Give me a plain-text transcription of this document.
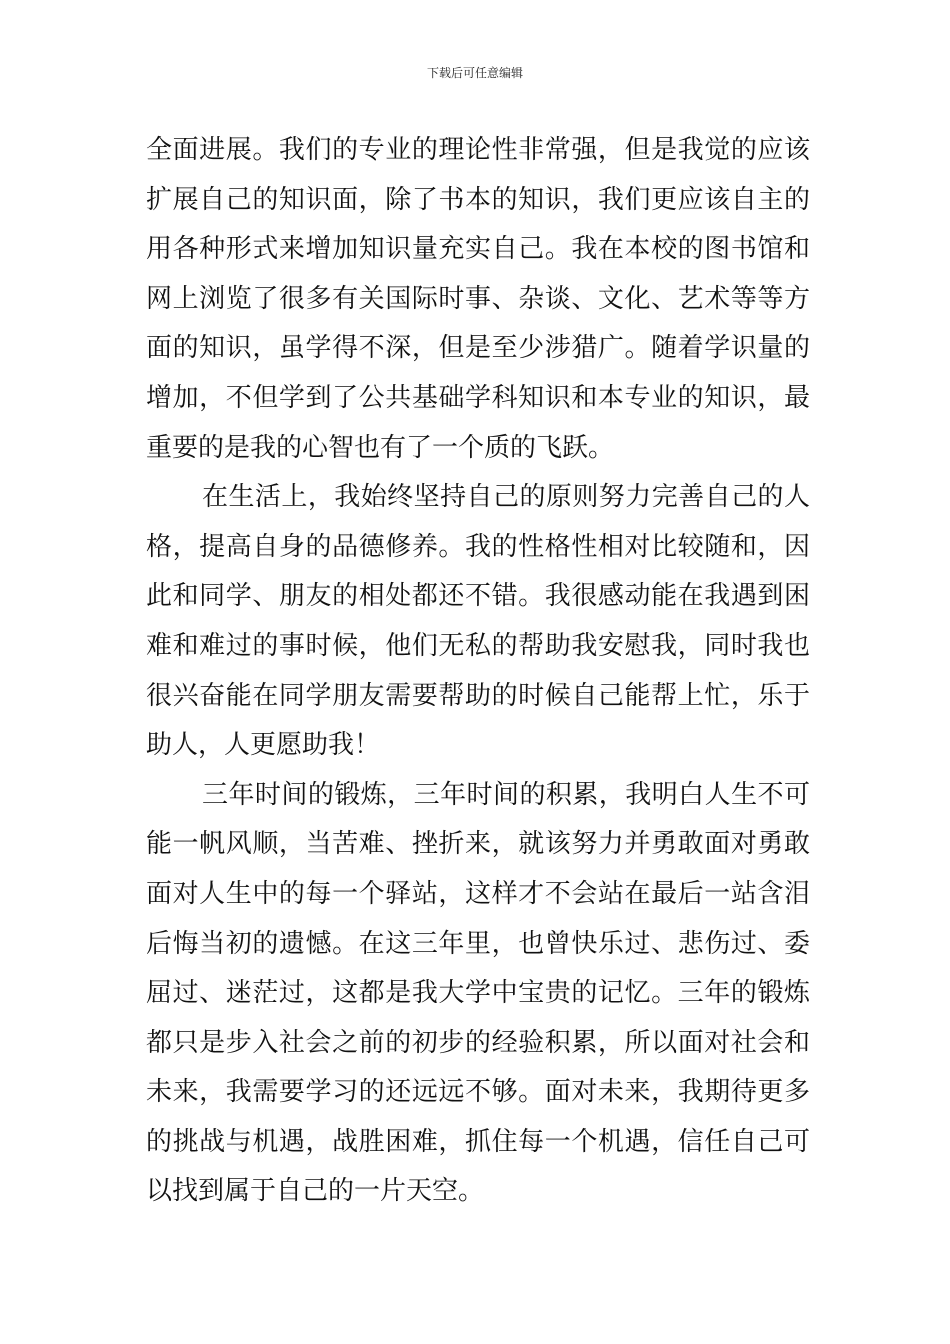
下载后可任意编辑
全面进展。我们的专业的理论性非常强，但是我觉的应该
扩展自己的知识面，除了书本的知识，我们更应该自主的
用各种形式来增加知识量充实自己。我在本校的图书馆和
网上浏览了很多有关国际时事、杂谈、文化、艺术等等方
面的知识，虽学得不深，但是至少涉猎广。随着学识量的
增加，不但学到了公共基础学科知识和本专业的知识，最
重要的是我的心智也有了一个质的飞跃。
在生活上，我始终坚持自己的原则努力完善自己的人
格，提高自身的品德修养。我的性格性相对比较随和，因
此和同学、朋友的相处都还不错。我很感动能在我遇到困
难和难过的事时候，他们无私的帮助我安慰我，同时我也
很兴奋能在同学朋友需要帮助的时候自己能帮上忙，乐于
助人，人更愿助我！
三年时间的锻炼，三年时间的积累，我明白人生不可
能一帆风顺，当苦难、挫折来，就该努力并勇敢面对勇敢
面对人生中的每一个驿站，这样才不会站在最后一站含泪
后悔当初的遗憾。在这三年里，也曾快乐过、悲伤过、委
屈过、迷茫过，这都是我大学中宝贵的记忆。三年的锻炼
都只是步入社会之前的初步的经验积累，所以面对社会和
未来，我需要学习的还远远不够。面对未来，我期待更多
的挑战与机遇，战胜困难，抓住每一个机遇，信任自己可
以找到属于自己的一片天空。
